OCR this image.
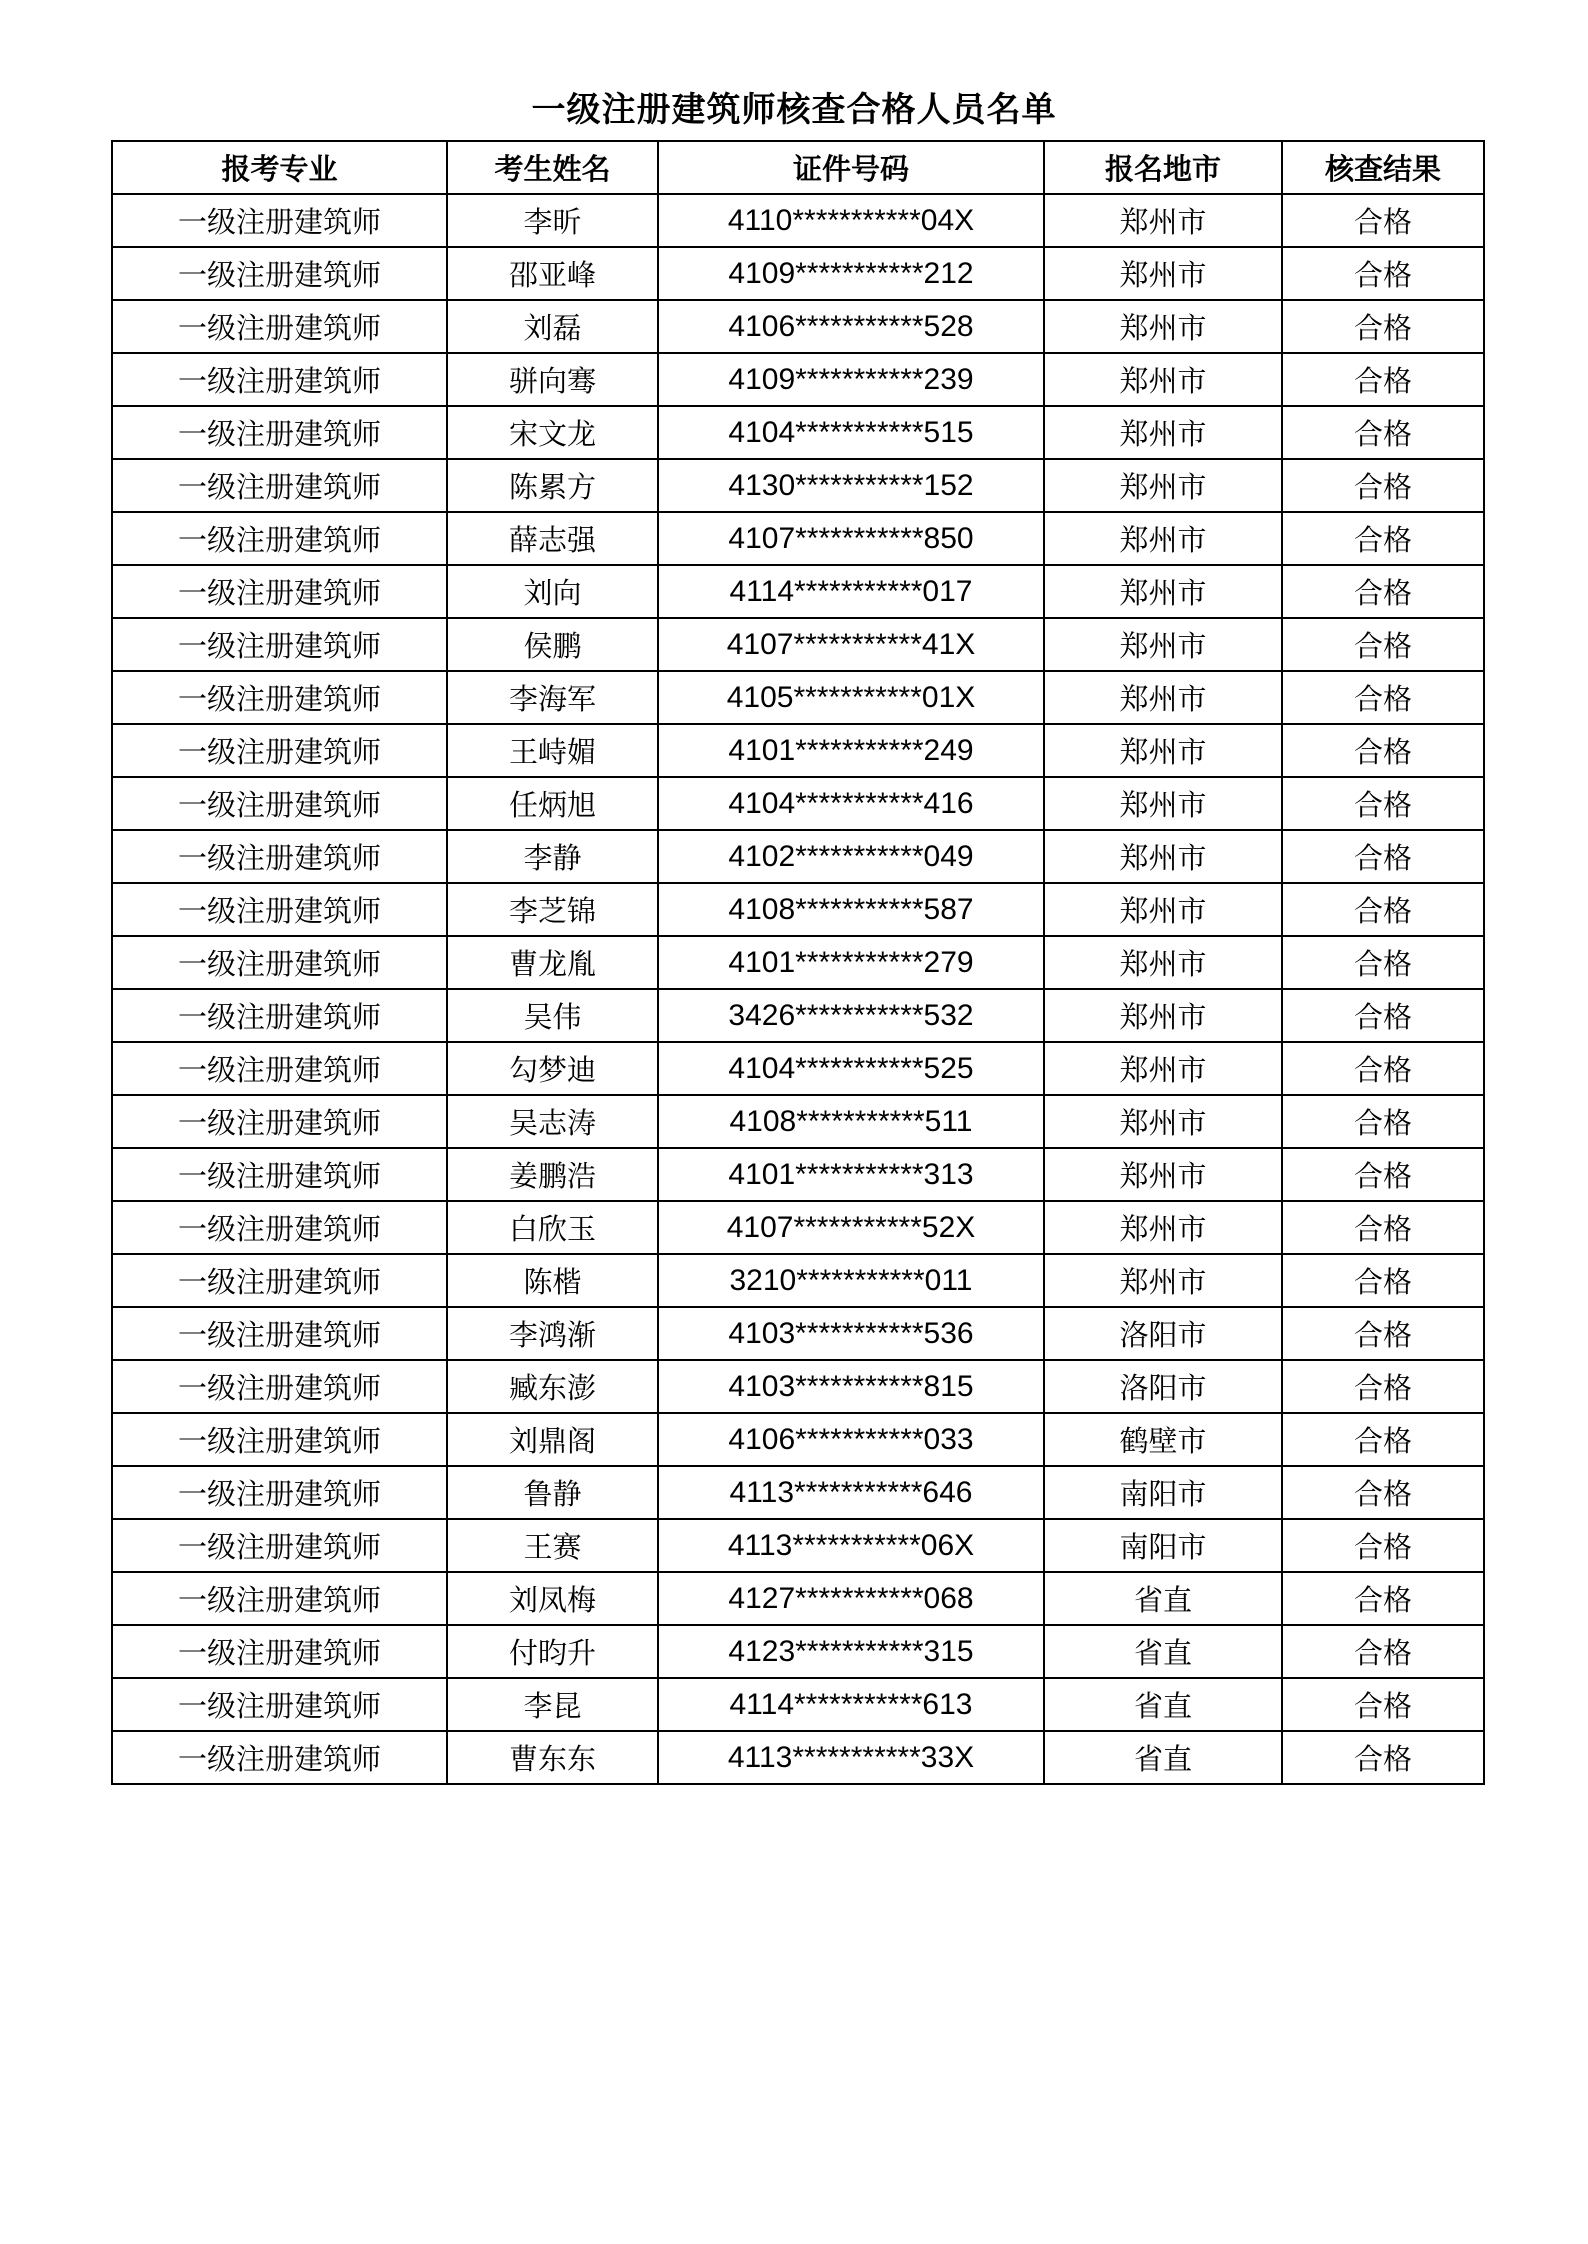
一级注册建筑师核查合格人员名单
报考专业	考生姓名	证件号码	报名地市	核查结果
一级注册建筑师	李昕	4110***********04X	郑州市	合格
一级注册建筑师	邵亚峰	4109***********212	郑州市	合格
一级注册建筑师	刘磊	4106***********528	郑州市	合格
一级注册建筑师	骈向骞	4109***********239	郑州市	合格
一级注册建筑师	宋文龙	4104***********515	郑州市	合格
一级注册建筑师	陈累方	4130***********152	郑州市	合格
一级注册建筑师	薛志强	4107***********850	郑州市	合格
一级注册建筑师	刘向	4114***********017	郑州市	合格
一级注册建筑师	侯鹏	4107***********41X	郑州市	合格
一级注册建筑师	李海军	4105***********01X	郑州市	合格
一级注册建筑师	王峙媚	4101***********249	郑州市	合格
一级注册建筑师	任炳旭	4104***********416	郑州市	合格
一级注册建筑师	李静	4102***********049	郑州市	合格
一级注册建筑师	李芝锦	4108***********587	郑州市	合格
一级注册建筑师	曹龙胤	4101***********279	郑州市	合格
一级注册建筑师	吴伟	3426***********532	郑州市	合格
一级注册建筑师	勾梦迪	4104***********525	郑州市	合格
一级注册建筑师	吴志涛	4108***********511	郑州市	合格
一级注册建筑师	姜鹏浩	4101***********313	郑州市	合格
一级注册建筑师	白欣玉	4107***********52X	郑州市	合格
一级注册建筑师	陈楷	3210***********011	郑州市	合格
一级注册建筑师	李鸿渐	4103***********536	洛阳市	合格
一级注册建筑师	臧东澎	4103***********815	洛阳市	合格
一级注册建筑师	刘鼎阁	4106***********033	鹤壁市	合格
一级注册建筑师	鲁静	4113***********646	南阳市	合格
一级注册建筑师	王赛	4113***********06X	南阳市	合格
一级注册建筑师	刘凤梅	4127***********068	省直	合格
一级注册建筑师	付昀升	4123***********315	省直	合格
一级注册建筑师	李昆	4114***********613	省直	合格
一级注册建筑师	曹东东	4113***********33X	省直	合格
